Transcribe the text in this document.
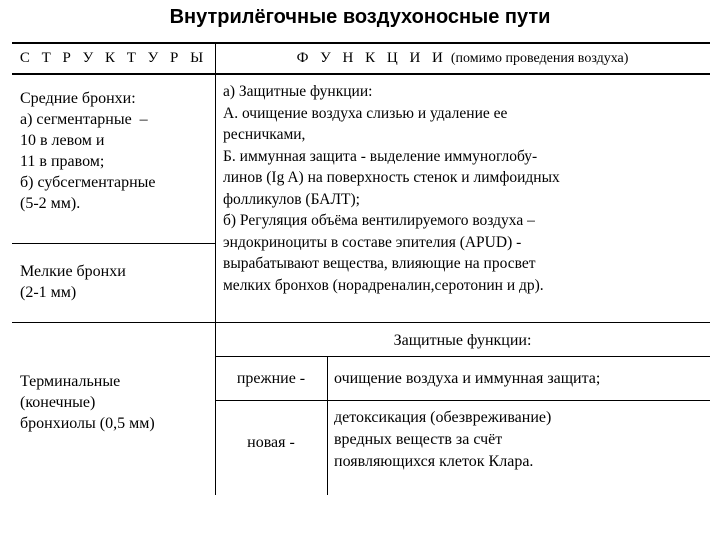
Внутрилёгочные воздухоносные пути
С Т Р У К Т У Р Ы	Ф У Н К Ц И И (помимо проведения воздуха)
Средние бронхи:
а) сегментарные  –
10 в левом и
11 в правом;
б) субсегментарные
(5-2 мм).
Мелкие бронхи
(2-1 мм)
а) Защитные функции:
А. очищение воздуха слизью и удаление ее
ресничками,
Б. иммунная защита - выделение иммуноглобу-
линов (Ig A) на поверхность стенок и лимфоидных
фолликулов (БАЛТ);
б) Регуляция объёма вентилируемого воздуха –
эндокриноциты в составе эпителия (APUD) -
вырабатывают вещества, влияющие на просвет
мелких бронхов (норадреналин,серотонин и др).
Терминальные
(конечные)
бронхиолы (0,5 мм)
Защитные функции:
прежние -	очищение воздуха и иммунная защита;
новая -
детоксикация (обезвреживание)
вредных веществ за счёт
появляющихся клеток Клара.
